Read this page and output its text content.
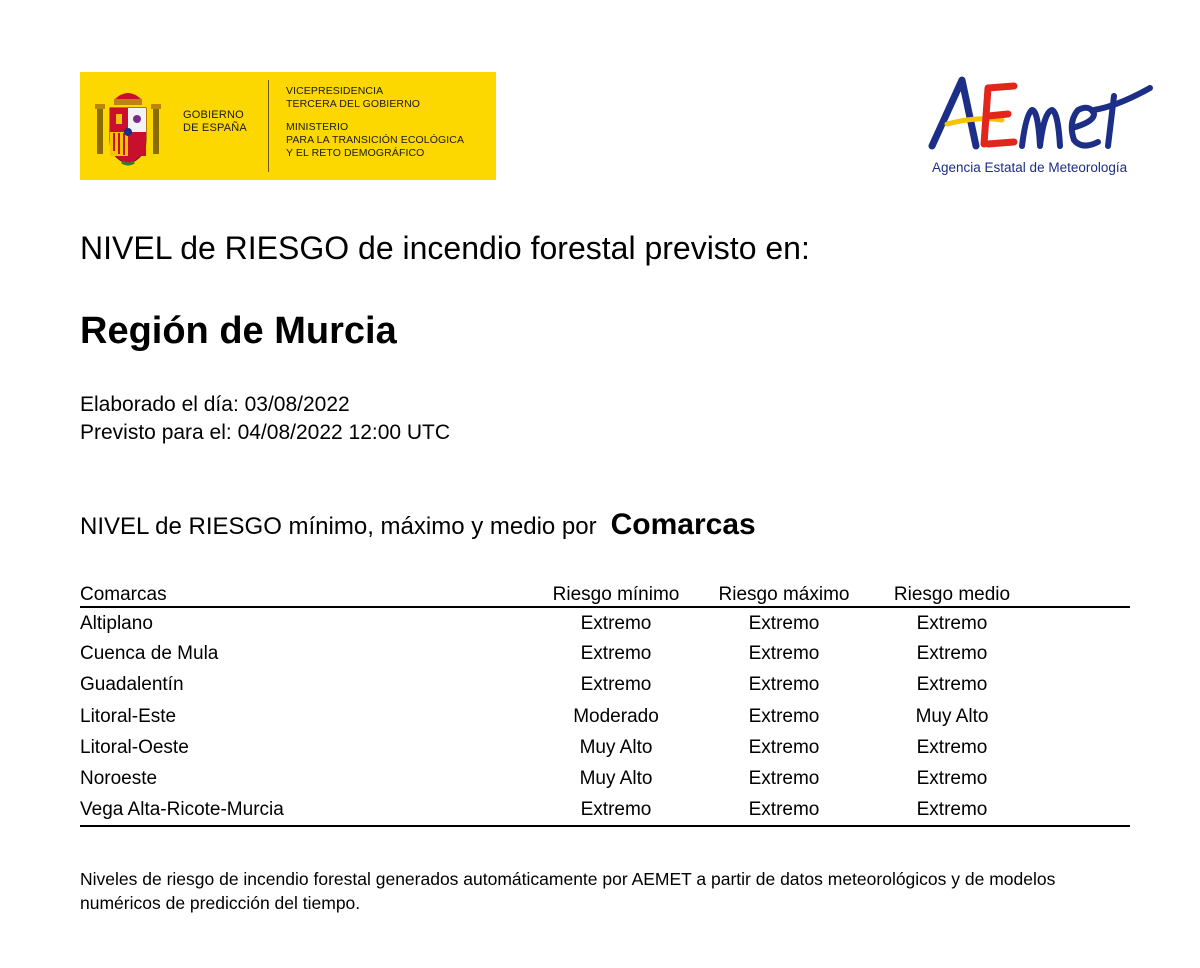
GOBIERNO
DE ESPAÑA
VICEPRESIDENCIA
TERCERA DEL GOBIERNO
MINISTERIO
PARA LA TRANSICIÓN ECOLÓGICA
Y EL RETO DEMOGRÁFICO
Agencia Estatal de Meteorología
NIVEL de RIESGO de incendio forestal previsto en:
Región de Murcia
Elaborado el día: 03/08/2022
Previsto para el: 04/08/2022 12:00 UTC
NIVEL de RIESGO mínimo, máximo y medio por Comarcas
Comarcas	Riesgo mínimo	Riesgo máximo	Riesgo medio	
Altiplano	Extremo	Extremo	Extremo	
Cuenca de Mula	Extremo	Extremo	Extremo	
Guadalentín	Extremo	Extremo	Extremo	
Litoral-Este	Moderado	Extremo	Muy Alto	
Litoral-Oeste	Muy Alto	Extremo	Extremo	
Noroeste	Muy Alto	Extremo	Extremo	
Vega Alta-Ricote-Murcia	Extremo	Extremo	Extremo	
Niveles de riesgo de incendio forestal generados automáticamente por AEMET a partir de datos meteorológicos y de modelos numéricos de predicción del tiempo.
